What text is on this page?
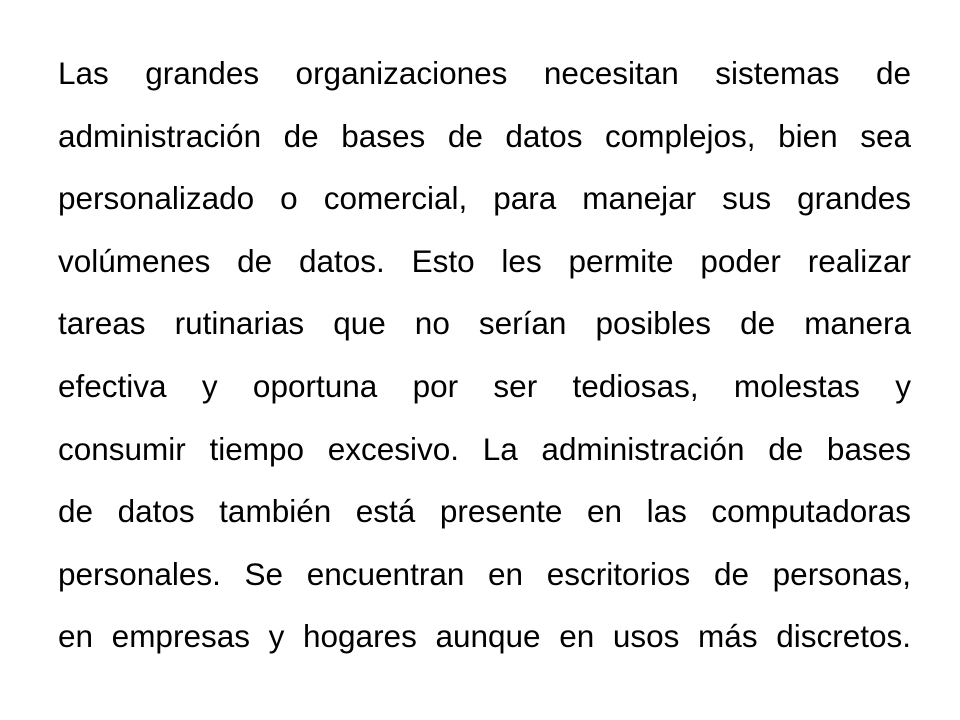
Las grandes organizaciones necesitan sistemas de
administración de bases de datos complejos, bien sea
personalizado o comercial, para manejar sus grandes
volúmenes de datos. Esto les permite poder realizar
tareas rutinarias que no serían posibles de manera
efectiva y oportuna por ser tediosas, molestas y
consumir tiempo excesivo. La administración de bases
de datos también está presente en las computadoras
personales. Se encuentran en escritorios de personas,
en empresas y hogares aunque en usos más discretos.
